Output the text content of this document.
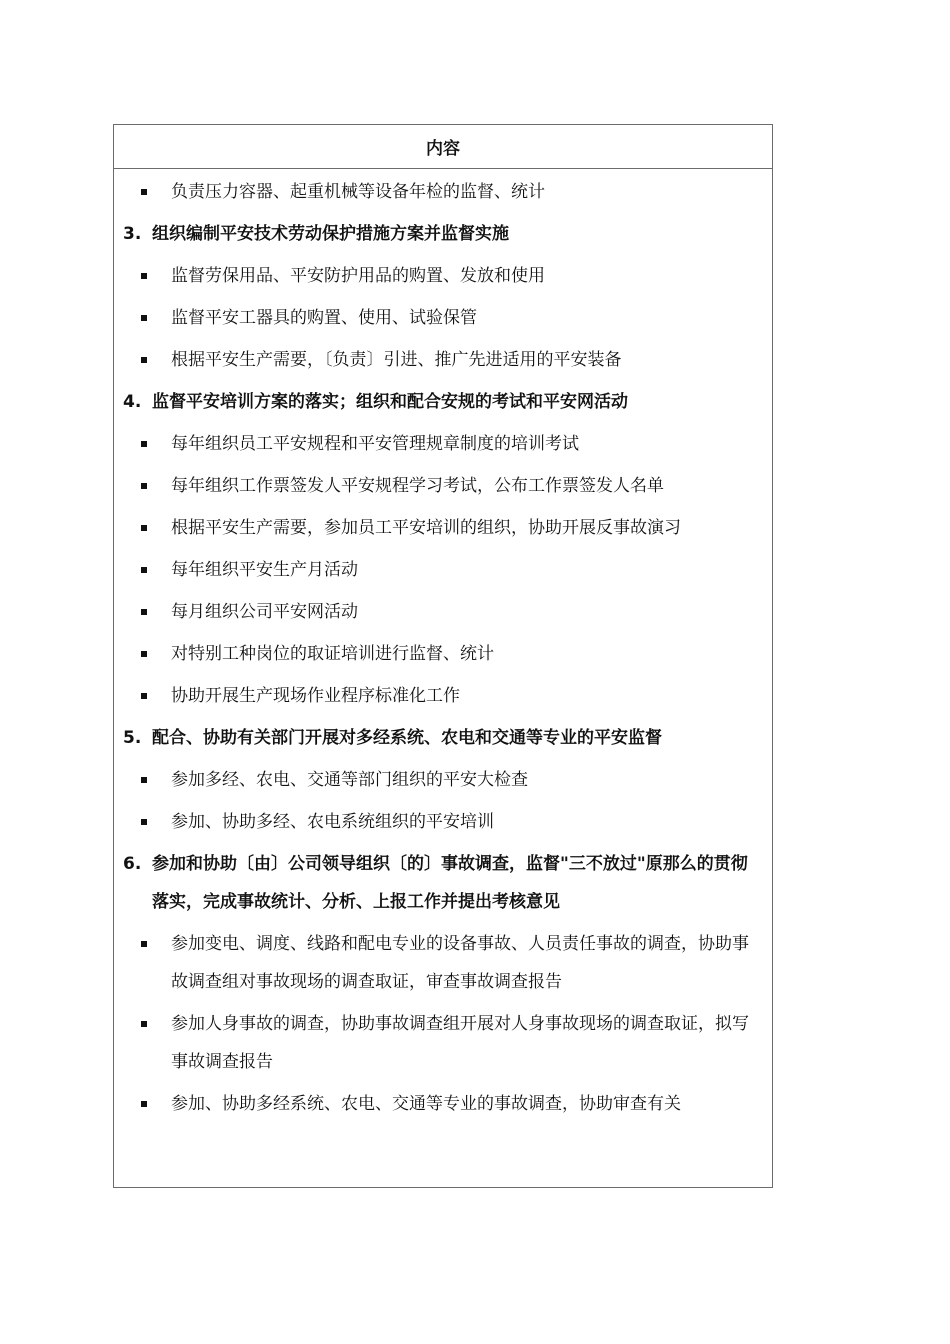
内容
负责压力容器、起重机械等设备年检的监督、统计
3. 组织编制平安技术劳动保护措施方案并监督实施
监督劳保用品、平安防护用品的购置、发放和使用
监督平安工器具的购置、使用、试验保管
根据平安生产需要，〔负责〕引进、推广先进适用的平安装备
4. 监督平安培训方案的落实；组织和配合安规的考试和平安网活动
每年组织员工平安规程和平安管理规章制度的培训考试
每年组织工作票签发人平安规程学习考试，公布工作票签发人名单
根据平安生产需要，参加员工平安培训的组织，协助开展反事故演习
每年组织平安生产月活动
每月组织公司平安网活动
对特别工种岗位的取证培训进行监督、统计
协助开展生产现场作业程序标准化工作
5. 配合、协助有关部门开展对多经系统、农电和交通等专业的平安监督
参加多经、农电、交通等部门组织的平安大检查
参加、协助多经、农电系统组织的平安培训
6. 参加和协助〔由〕公司领导组织〔的〕事故调查，监督"三不放过"原那么的贯彻落实，完成事故统计、分析、上报工作并提出考核意见
参加变电、调度、线路和配电专业的设备事故、人员责任事故的调查，协助事故调查组对事故现场的调查取证，审查事故调查报告
参加人身事故的调查，协助事故调查组开展对人身事故现场的调查取证，拟写事故调查报告
参加、协助多经系统、农电、交通等专业的事故调查，协助审查有关
